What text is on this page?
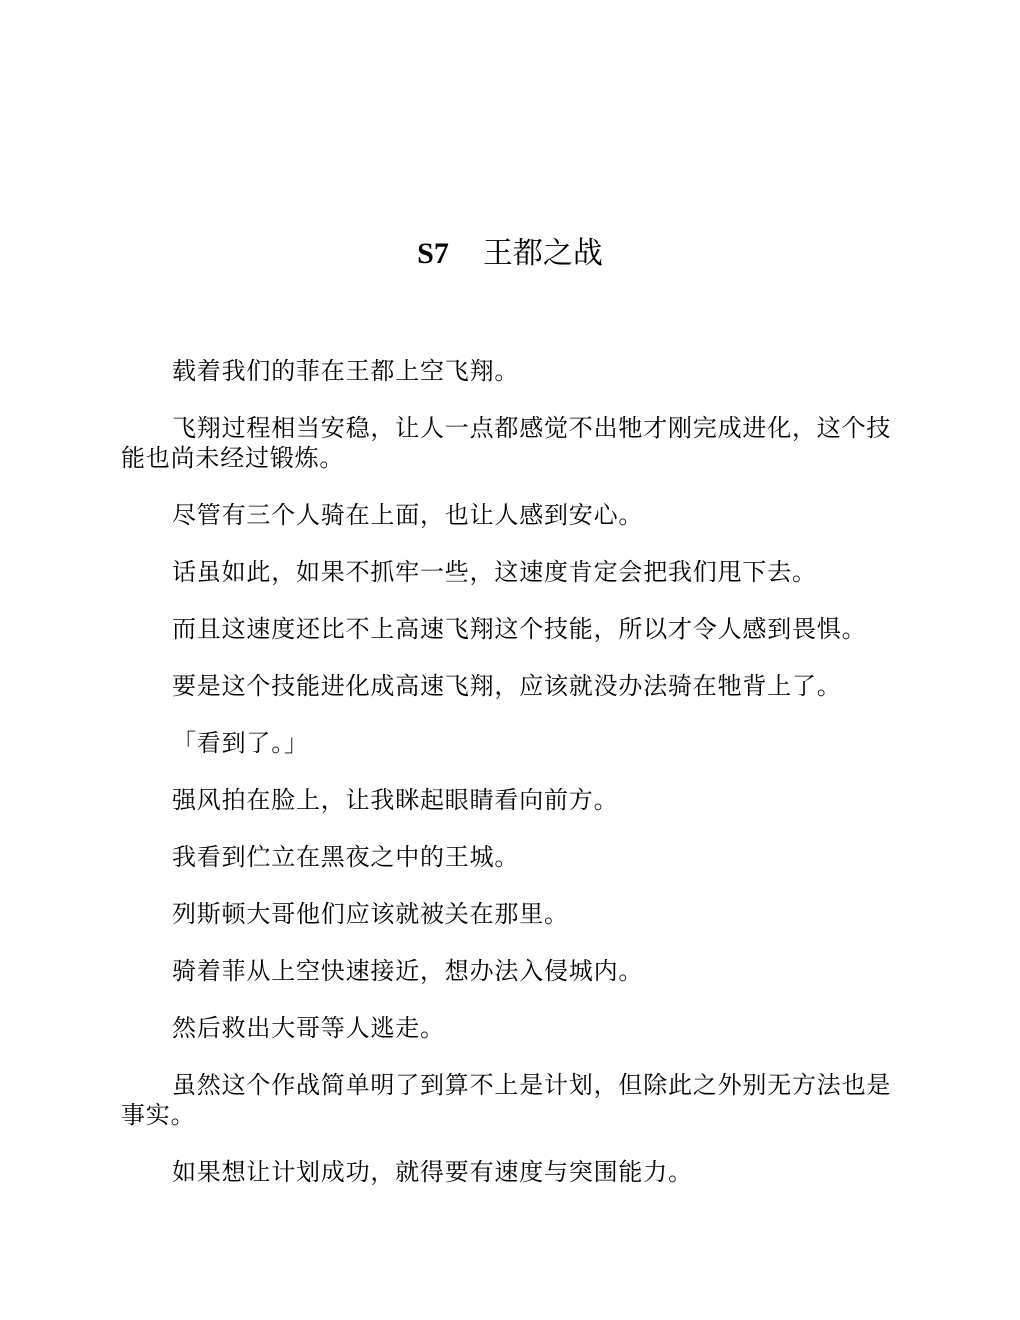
S7 王都之战

载着我们的菲在王都上空飞翔。

飞翔过程相当安稳，让人一点都感觉不出牠才刚完成进化，这个技能也尚未经过锻炼。

尽管有三个人骑在上面，也让人感到安心。

话虽如此，如果不抓牢一些，这速度肯定会把我们甩下去。

而且这速度还比不上高速飞翔这个技能，所以才令人感到畏惧。

要是这个技能进化成高速飞翔，应该就没办法骑在牠背上了。

「看到了。」

强风拍在脸上，让我眯起眼睛看向前方。

我看到伫立在黑夜之中的王城。

列斯顿大哥他们应该就被关在那里。

骑着菲从上空快速接近，想办法入侵城内。

然后救出大哥等人逃走。

虽然这个作战简单明了到算不上是计划，但除此之外别无方法也是事实。

如果想让计划成功，就得要有速度与突围能力。
